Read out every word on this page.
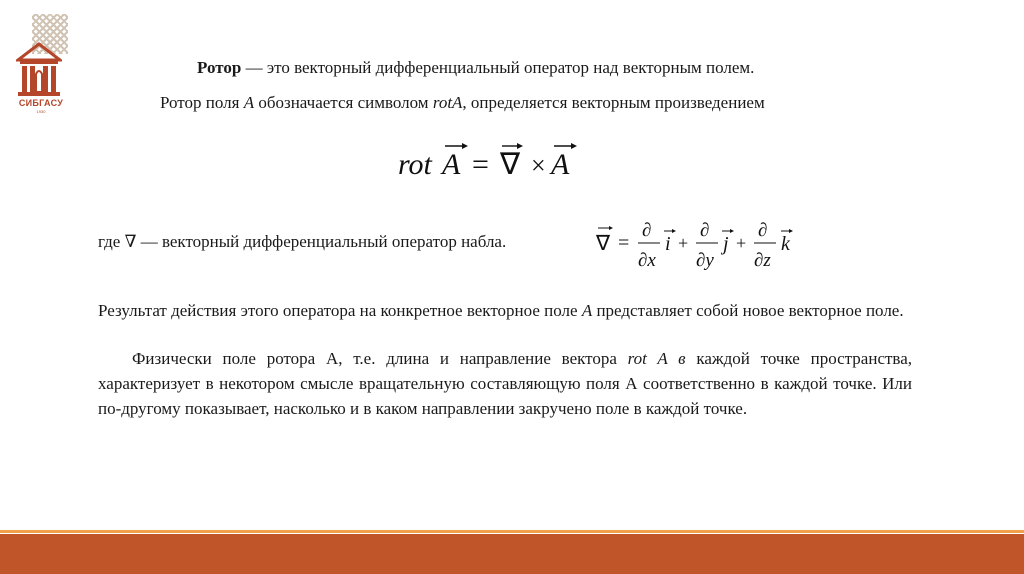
СИБГАСУ
1930
Ротор — это векторный дифференциальный оператор над векторным полем.
Ротор поля A обозначается символом rotA, определяется векторным произведением
rot A = ∇ × A
где ∇ — векторный дифференциальный оператор набла.	∇ =
∂
∂x
i +
∂
∂y
j +
∂
∂z
k
Результат действия этого оператора на конкретное векторное поле A представляет собой новое векторное поле.
Физически поле ротора А, т.е. длина и направление вектора rot A в каждой точке пространства, характеризует в некотором смысле вращательную составляющую поля А соответственно в каждой точке. Или по-другому показывает, насколько и в каком направлении закручено поле в каждой точке.
